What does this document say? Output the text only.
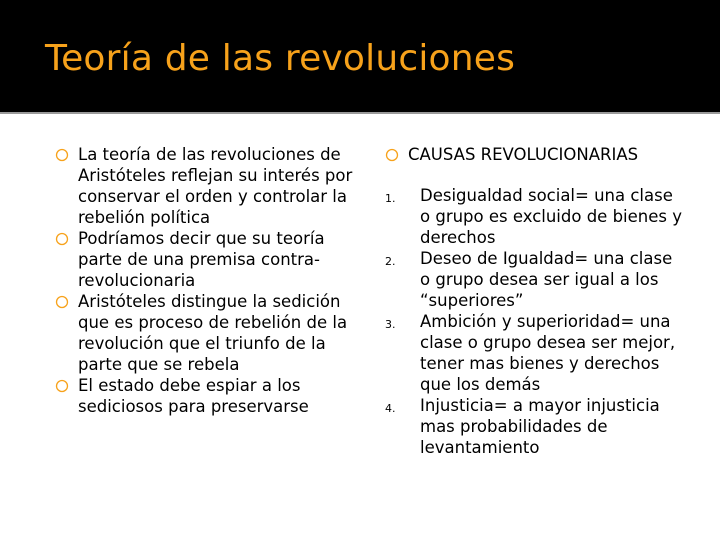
Teoría de las revoluciones
La teoría de las revoluciones de Aristóteles reflejan su interés por conservar el orden y controlar la rebelión política
Podríamos decir que su teoría parte de una premisa contra-revolucionaria
Aristóteles distingue la sedición que es proceso de rebelión de la revolución que el triunfo de la parte que se rebela
El estado debe espiar a los sediciosos para preservarse
CAUSAS REVOLUCIONARIAS
1. Desigualdad social= una clase o grupo es excluido de bienes y derechos
2. Deseo de Igualdad= una clase o grupo desea ser igual a los “superiores”
3. Ambición y superioridad= una clase o grupo desea ser mejor, tener mas bienes y derechos que los demás
4. Injusticia= a mayor injusticia mas probabilidades de levantamiento
